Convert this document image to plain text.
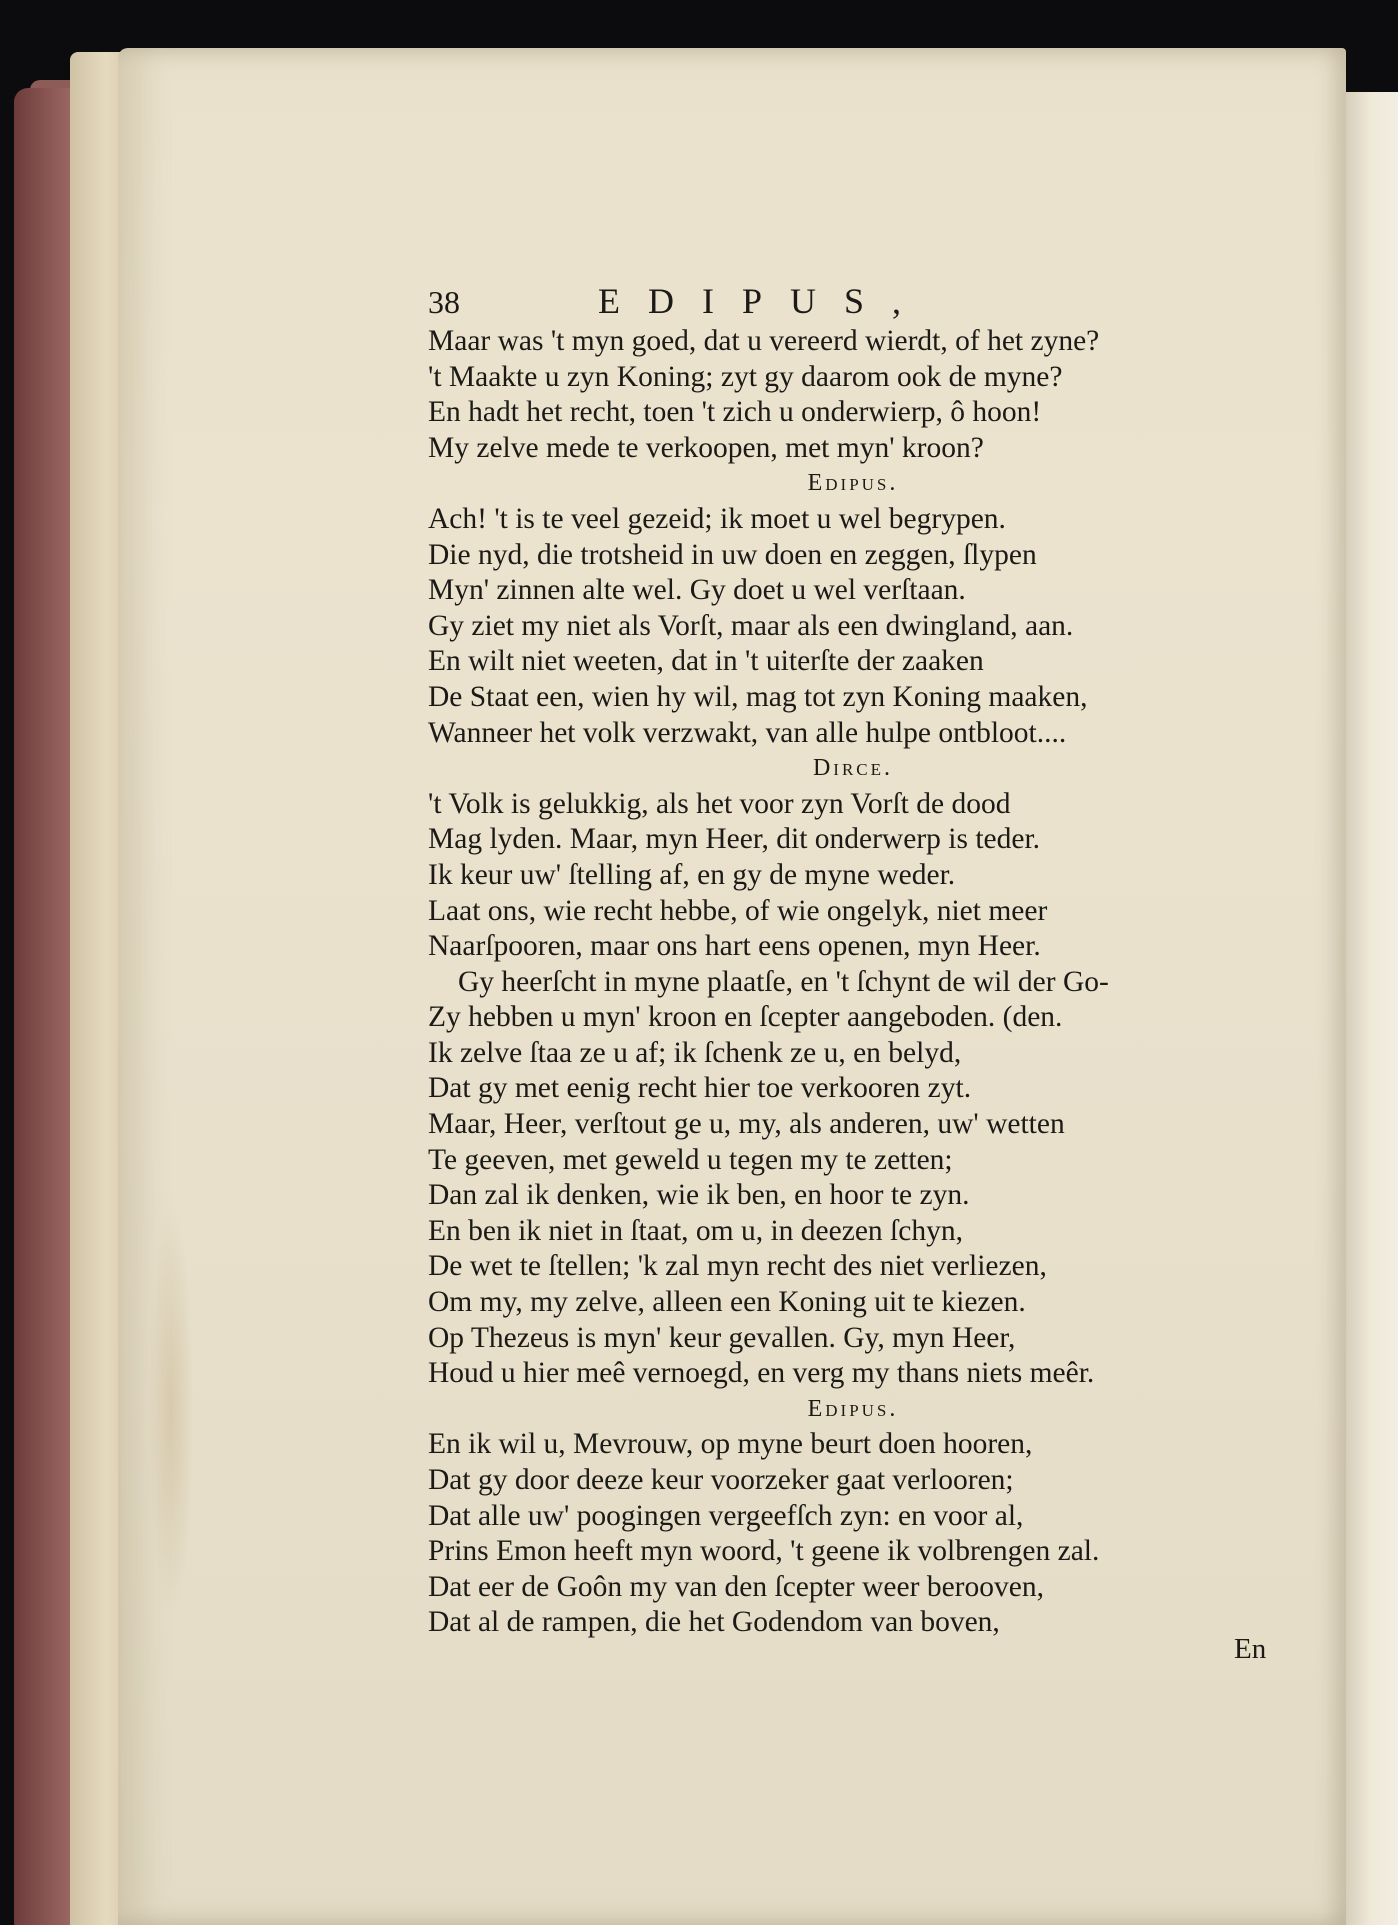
38	EDIPUS,
Maar was 't myn goed, dat u vereerd wierdt, of het zyne?
't Maakte u zyn Koning; zyt gy daarom ook de myne?
En hadt het recht, toen 't zich u onderwierp, ô hoon!
My zelve mede te verkoopen, met myn' kroon?
Edipus.
Ach! 't is te veel gezeid; ik moet u wel begrypen.
Die nyd, die trotsheid in uw doen en zeggen, ſlypen
Myn' zinnen alte wel. Gy doet u wel verſtaan.
Gy ziet my niet als Vorſt, maar als een dwingland, aan.
En wilt niet weeten, dat in 't uiterſte der zaaken
De Staat een, wien hy wil, mag tot zyn Koning maaken,
Wanneer het volk verzwakt, van alle hulpe ontbloot....
Dirce.
't Volk is gelukkig, als het voor zyn Vorſt de dood
Mag lyden. Maar, myn Heer, dit onderwerp is teder.
Ik keur uw' ſtelling af, en gy de myne weder.
Laat ons, wie recht hebbe, of wie ongelyk, niet meer
Naarſpooren, maar ons hart eens openen, myn Heer.
Gy heerſcht in myne plaatſe, en 't ſchynt de wil der Go-
Zy hebben u myn' kroon en ſcepter aangeboden. (den.
Ik zelve ſtaa ze u af; ik ſchenk ze u, en belyd,
Dat gy met eenig recht hier toe verkooren zyt.
Maar, Heer, verſtout ge u, my, als anderen, uw' wetten
Te geeven, met geweld u tegen my te zetten;
Dan zal ik denken, wie ik ben, en hoor te zyn.
En ben ik niet in ſtaat, om u, in deezen ſchyn,
De wet te ſtellen; 'k zal myn recht des niet verliezen,
Om my, my zelve, alleen een Koning uit te kiezen.
Op Thezeus is myn' keur gevallen. Gy, myn Heer,
Houd u hier meê vernoegd, en verg my thans niets meêr.
Edipus.
En ik wil u, Mevrouw, op myne beurt doen hooren,
Dat gy door deeze keur voorzeker gaat verlooren;
Dat alle uw' poogingen vergeefſch zyn: en voor al,
Prins Emon heeft myn woord, 't geene ik volbrengen zal.
Dat eer de Goôn my van den ſcepter weer berooven,
Dat al de rampen, die het Godendom van boven,
En
